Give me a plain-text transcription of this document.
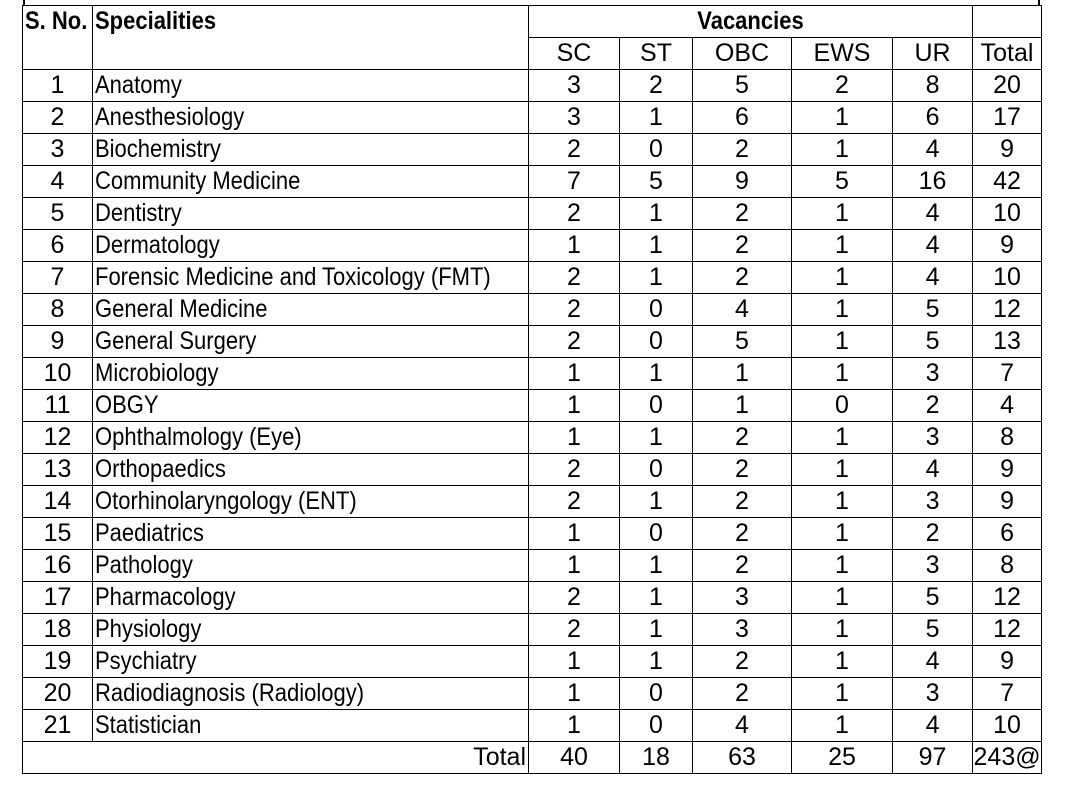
S. No.	Specialities	Vacancies					
		SC	ST	OBC	EWS	UR	Total
1	Anatomy	3	2	5	2	8	20
2	Anesthesiology	3	1	6	1	6	17
3	Biochemistry	2	0	2	1	4	9
4	Community Medicine	7	5	9	5	16	42
5	Dentistry	2	1	2	1	4	10
6	Dermatology	1	1	2	1	4	9
7	Forensic Medicine and Toxicology (FMT)	2	1	2	1	4	10
8	General Medicine	2	0	4	1	5	12
9	General Surgery	2	0	5	1	5	13
10	Microbiology	1	1	1	1	3	7
11	OBGY	1	0	1	0	2	4
12	Ophthalmology (Eye)	1	1	2	1	3	8
13	Orthopaedics	2	0	2	1	4	9
14	Otorhinolaryngology (ENT)	2	1	2	1	3	9
15	Paediatrics	1	0	2	1	2	6
16	Pathology	1	1	2	1	3	8
17	Pharmacology	2	1	3	1	5	12
18	Physiology	2	1	3	1	5	12
19	Psychiatry	1	1	2	1	4	9
20	Radiodiagnosis (Radiology)	1	0	2	1	3	7
21	Statistician	1	0	4	1	4	10
Total		40	18	63	25	97	243@
